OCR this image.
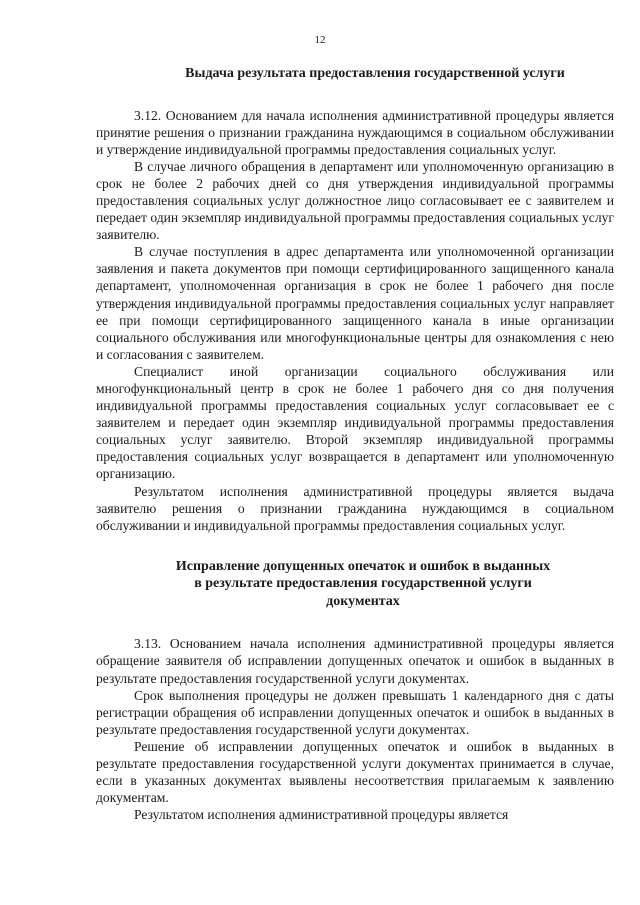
12
Выдача результата предоставления государственной услуги

3.12. Основанием для начала исполнения административной процедуры является принятие решения о признании гражданина нуждающимся в социальном обслуживании и утверждение индивидуальной программы предоставления социальных услуг.

В случае личного обращения в департамент или уполномоченную организацию в срок не более 2 рабочих дней со дня утверждения индивидуальной программы предоставления социальных услуг должностное лицо согласовывает ее с заявителем и передает один экземпляр индивидуальной программы предоставления социальных услуг заявителю.

В случае поступления в адрес департамента или уполномоченной организации заявления и пакета документов при помощи сертифицированного защищенного канала департамент, уполномоченная организация в срок не более 1 рабочего дня после утверждения индивидуальной программы предоставления социальных услуг направляет ее при помощи сертифицированного защищенного канала в иные организации социального обслуживания или многофункциональные центры для ознакомления с нею и согласования с заявителем.

Специалист иной организации социального обслуживания или многофункциональный центр в срок не более 1 рабочего дня со дня получения индивидуальной программы предоставления социальных услуг согласовывает ее с заявителем и передает один экземпляр индивидуальной программы предоставления социальных услуг заявителю. Второй экземпляр индивидуальной программы предоставления социальных услуг возвращается в департамент или уполномоченную организацию.

Результатом исполнения административной процедуры является выдача заявителю решения о признании гражданина нуждающимся в социальном обслуживании и индивидуальной программы предоставления социальных услуг.

Исправление допущенных опечаток и ошибок в выданных
в результате предоставления государственной услуги
документах

3.13. Основанием начала исполнения административной процедуры является обращение заявителя об исправлении допущенных опечаток и ошибок в выданных в результате предоставления государственной услуги документах.

Срок выполнения процедуры не должен превышать 1 календарного дня с даты регистрации обращения об исправлении допущенных опечаток и ошибок в выданных в результате предоставления государственной услуги документах.

Решение об исправлении допущенных опечаток и ошибок в выданных в результате предоставления государственной услуги документах принимается в случае, если в указанных документах выявлены несоответствия прилагаемым к заявлению документам.

Результатом исполнения административной процедуры является
